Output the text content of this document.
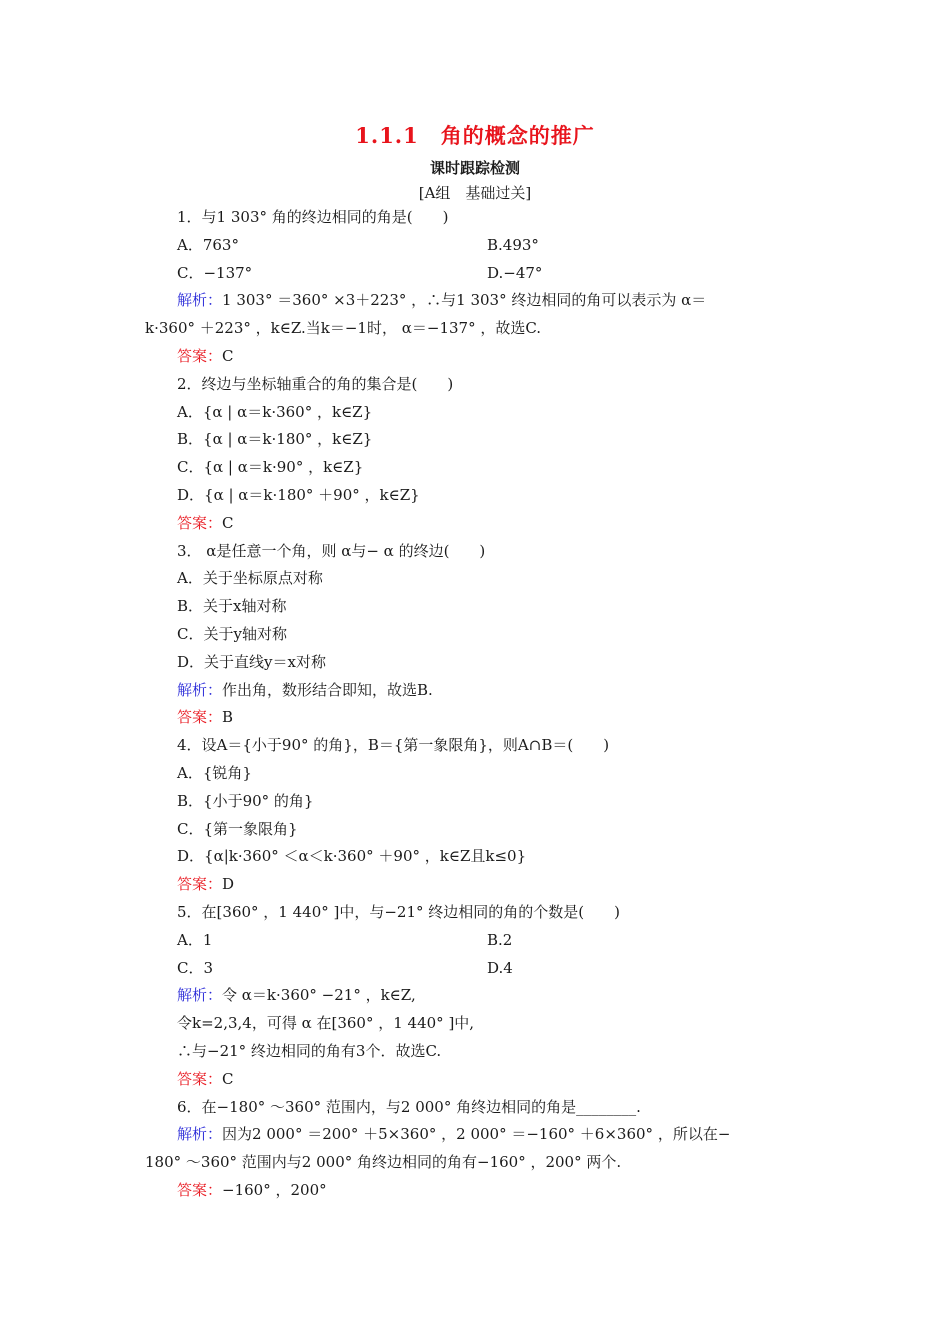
1.1.1　角的概念的推广
课时跟踪检测
[A组　基础过关]
1．与1 303° 角的终边相同的角是(　　)
A．763°	B.493°
C．−137°	D.−47°
解析：1 303° ＝360° ×3＋223° ，∴与1 303° 终边相同的角可以表示为 α＝
k·360° ＋223° ，k∈Z.当k＝−1时， α＝−137° ，故选C.
答案：C
2．终边与坐标轴重合的角的集合是(　　)
A．{α | α＝k·360° ，k∈Z}
B．{α | α＝k·180° ，k∈Z}
C．{α | α＝k·90° ，k∈Z}
D．{α | α＝k·180° ＋90° ，k∈Z}
答案：C
3． α是任意一个角，则 α与− α 的终边(　　)
A．关于坐标原点对称
B．关于x轴对称
C．关于y轴对称
D．关于直线y＝x对称
解析：作出角，数形结合即知，故选B.
答案：B
4．设A＝{小于90° 的角}，B＝{第一象限角}，则A∩B＝(　　)
A．{锐角}
B．{小于90° 的角}
C．{第一象限角}
D．{α|k·360° ＜α＜k·360° ＋90° ，k∈Z且k≤0}
答案：D
5．在[360° ，1 440° ]中，与−21° 终边相同的角的个数是(　　)
A．1	B.2
C．3	D.4
解析：令 α＝k·360° −21° ，k∈Z,
令k=2,3,4，可得 α 在[360° ，1 440° ]中,
∴与−21° 终边相同的角有3个．故选C.
答案：C
6．在−180° ～360° 范围内，与2 000° 角终边相同的角是________.
解析：因为2 000° ＝200° ＋5×360° ，2 000° ＝−160° ＋6×360° ，所以在−
180° ～360° 范围内与2 000° 角终边相同的角有−160° ，200° 两个.
答案：−160° ，200°
